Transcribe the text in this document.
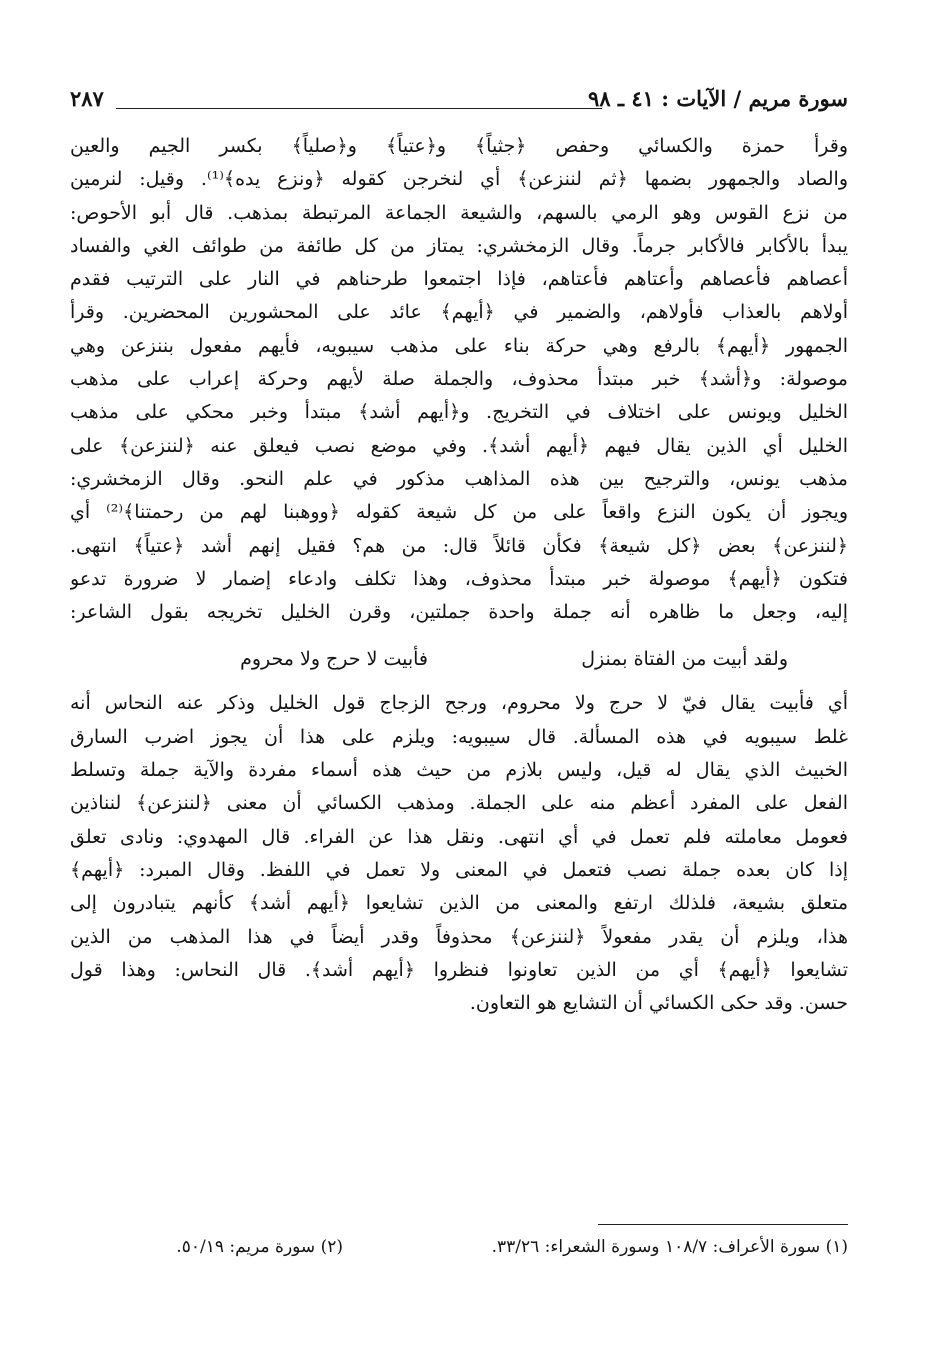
سورة مريم / الآيات : ٤١ ـ ٩٨
٢٨٧
وقرأ حمزة والكسائي وحفص ﴿جثياً﴾ و﴿عتياً﴾ و﴿صلياً﴾ بكسر الجيم والعين
والصاد والجمهور بضمها ﴿ثم لننزعن﴾ أي لنخرجن كقوله ﴿ونزع يده﴾⁽¹⁾. وقيل: لنرمين
من نزع القوس وهو الرمي بالسهم، والشيعة الجماعة المرتبطة بمذهب. قال أبو الأحوص:
يبدأ بالأكابر فالأكابر جرماً. وقال الزمخشري: يمتاز من كل طائفة من طوائف الغي والفساد
أعصاهم فأعصاهم وأعتاهم فأعتاهم، فإذا اجتمعوا طرحناهم في النار على الترتيب فقدم
أولاهم بالعذاب فأولاهم، والضمير في ﴿أيهم﴾ عائد على المحشورين المحضرين. وقرأ
الجمهور ﴿أيهم﴾ بالرفع وهي حركة بناء على مذهب سيبويه، فأيهم مفعول بننزعن وهي
موصولة: و﴿أشد﴾ خبر مبتدأ محذوف، والجملة صلة لأيهم وحركة إعراب على مذهب
الخليل ويونس على اختلاف في التخريج. و﴿أيهم أشد﴾ مبتدأ وخبر محكي على مذهب
الخليل أي الذين يقال فيهم ﴿أيهم أشد﴾. وفي موضع نصب فيعلق عنه ﴿لننزعن﴾ على
مذهب يونس، والترجيح بين هذه المذاهب مذكور في علم النحو. وقال الزمخشري:
ويجوز أن يكون النزع واقعاً على من كل شيعة كقوله ﴿ووهبنا لهم من رحمتنا﴾⁽²⁾ أي
﴿لننزعن﴾ بعض ﴿كل شيعة﴾ فكأن قائلاً قال: من هم؟ فقيل إنهم أشد ﴿عتياً﴾ انتهى.
فتكون ﴿أيهم﴾ موصولة خبر مبتدأ محذوف، وهذا تكلف وادعاء إضمار لا ضرورة تدعو
إليه، وجعل ما ظاهره أنه جملة واحدة جملتين، وقرن الخليل تخريجه بقول الشاعر:
ولقد أبيت من الفتاة بمنزلفأبيت لا حرج ولا محروم
أي فأبيت يقال فيّ لا حرج ولا محروم، ورجح الزجاج قول الخليل وذكر عنه النحاس أنه
غلط سيبويه في هذه المسألة. قال سيبويه: ويلزم على هذا أن يجوز اضرب السارق
الخبيث الذي يقال له قيل، وليس بلازم من حيث هذه أسماء مفردة والآية جملة وتسلط
الفعل على المفرد أعظم منه على الجملة. ومذهب الكسائي أن معنى ﴿لننزعن﴾ لنناذين
فعومل معاملته فلم تعمل في أي انتهى. ونقل هذا عن الفراء. قال المهدوي: ونادى تعلق
إذا كان بعده جملة نصب فتعمل في المعنى ولا تعمل في اللفظ. وقال المبرد: ﴿أيهم﴾
متعلق بشيعة، فلذلك ارتفع والمعنى من الذين تشايعوا ﴿أيهم أشد﴾ كأنهم يتبادرون إلى
هذا، ويلزم أن يقدر مفعولاً ﴿لننزعن﴾ محذوفاً وقدر أيضاً في هذا المذهب من الذين
تشايعوا ﴿أيهم﴾ أي من الذين تعاونوا فنظروا ﴿أيهم أشد﴾. قال النحاس: وهذا قول
حسن. وقد حكى الكسائي أن التشايع هو التعاون.
(١) سورة الأعراف: ١٠٨/٧ وسورة الشعراء: ٣٣/٢٦.
(٢) سورة مريم: ٥٠/١٩.
